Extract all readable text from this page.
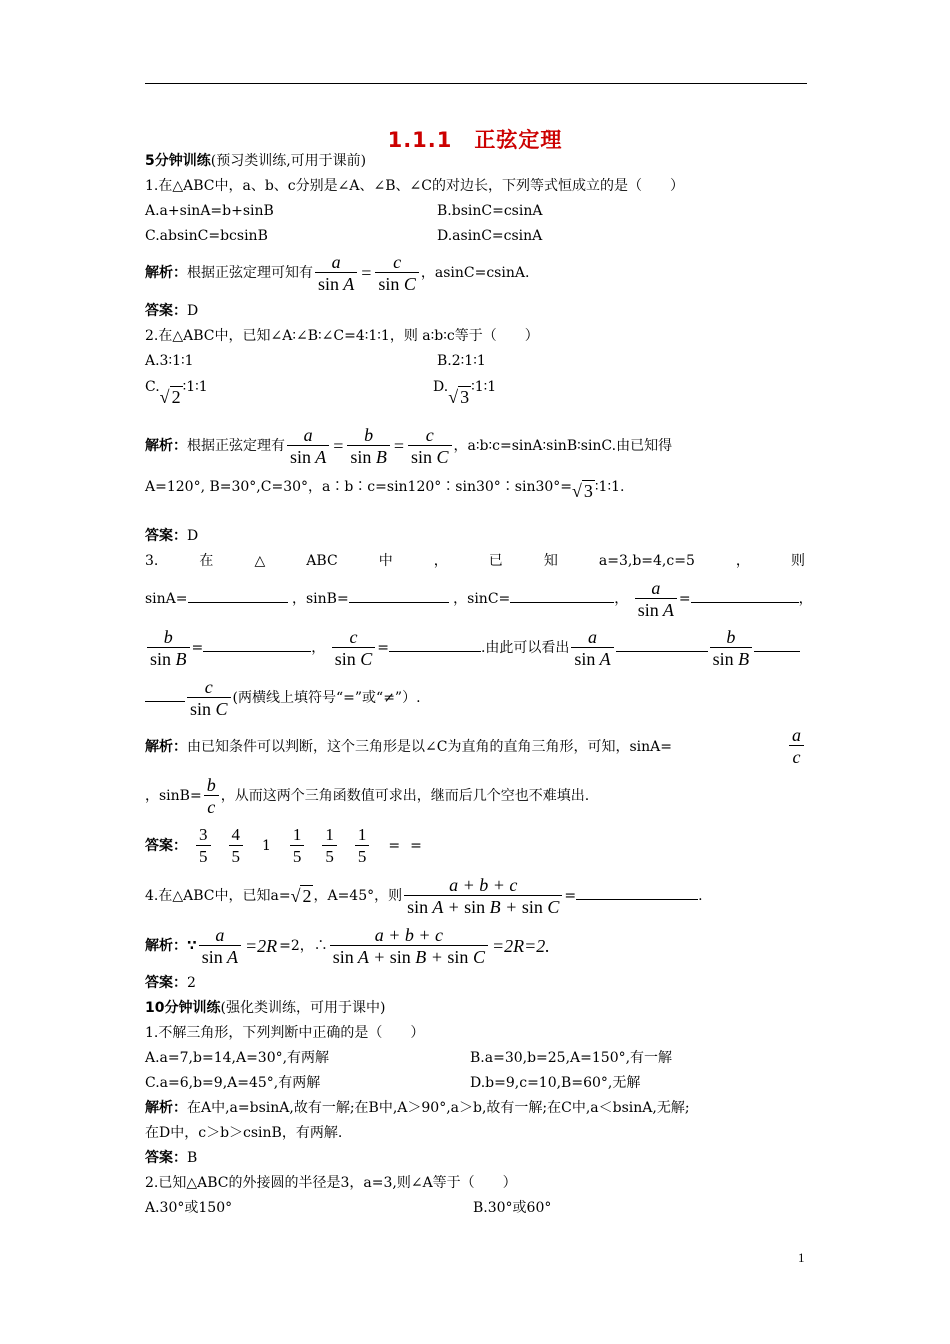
1.1.1　正弦定理
5分钟训练(预习类训练,可用于课前)
1.在△ABC中，a、b、c分别是∠A、∠B、∠C的对边长，下列等式恒成立的是（　　）
A.a+sinA=b+sinB	B.bsinC=csinA
C.absinC=bcsinB	D.asinC=csinA
解析：根据正弦定理可知有 $\frac{a}{\text{sin A}} = \frac{c}{\text{sin C}}$ ，asinC=csinA.
答案：D
2.在△ABC中，已知∠A∶∠B∶∠C=4∶1∶1，则 a∶b∶c等于（　　）
A.3∶1∶1	B.2∶1∶1
C.√ 2 ∶1∶1	D.√ 3 ∶1∶1
解析：根据正弦定理有 $\frac{a}{\text{sin A}} = \frac{b}{\text{sin B}} = \frac{c}{\text{sin C}}$ ，a∶b∶c=sinA∶sinB∶sinC.由已知得
A=120°, B=30°,C=30°，a∶b∶c=sin120°∶sin30°∶sin30°=√ 3 ∶1∶1.
答案：D
3.	在	△	ABC	中	，	已	知	a=3,b=4,c=5	，	则
sinA=	，sinB=	，sinC=	， $\frac{a}{\text{sin A}}$ =	，
$\frac{b}{\text{sin B}}$ =	， $\frac{c}{\text{sin C}}$ =	.由此可以看出 $\frac{a}{\text{sin A}}$	$\frac{b}{\text{sin B}}$
$\frac{c}{\text{sin C}}$ (两横线上填符号“=”或“≠”）.
解析：由已知条件可以判断，这个三角形是以∠C为直角的直角三角形，可知，sinA=	$\frac{a}{c}$
，$\sin B= \frac{b}{c}$ ，从而这两个三角函数值可求出，继而后几个空也不难填出.
答案： $\frac{3}{5} \frac{4}{5} 1 \frac{1}{5} \frac{1}{5} \frac{1}{5}$ = =
4.在△ABC中，已知a=√ 2 ，A=45°，则 $\frac{a + b + c}{\text{sin A + sin B + sin C}}$ =	.
解析：∵ $\frac{a}{\text{sin A}} =2R =2$，∴ $\frac{a + b + c}{\text{sin A + sin B + sin C}} =2R=2$.
答案：2
10分钟训练(强化类训练，可用于课中)
1.不解三角形，下列判断中正确的是（　　）
A.a=7,b=14,A=30°,有两解	B.a=30,b=25,A=150°,有一解
C.a=6,b=9,A=45°,有两解	D.b=9,c=10,B=60°,无解
解析：在A中,a=bsinA,故有一解;在B中,A＞90°,a＞b,故有一解;在C中,a＜bsinA,无解;
在D中，c＞b＞csinB，有两解.
答案：B
2.已知△ABC的外接圆的半径是3，a=3,则∠A等于（　　）
A.30°或150°	B.30°或60°
1
